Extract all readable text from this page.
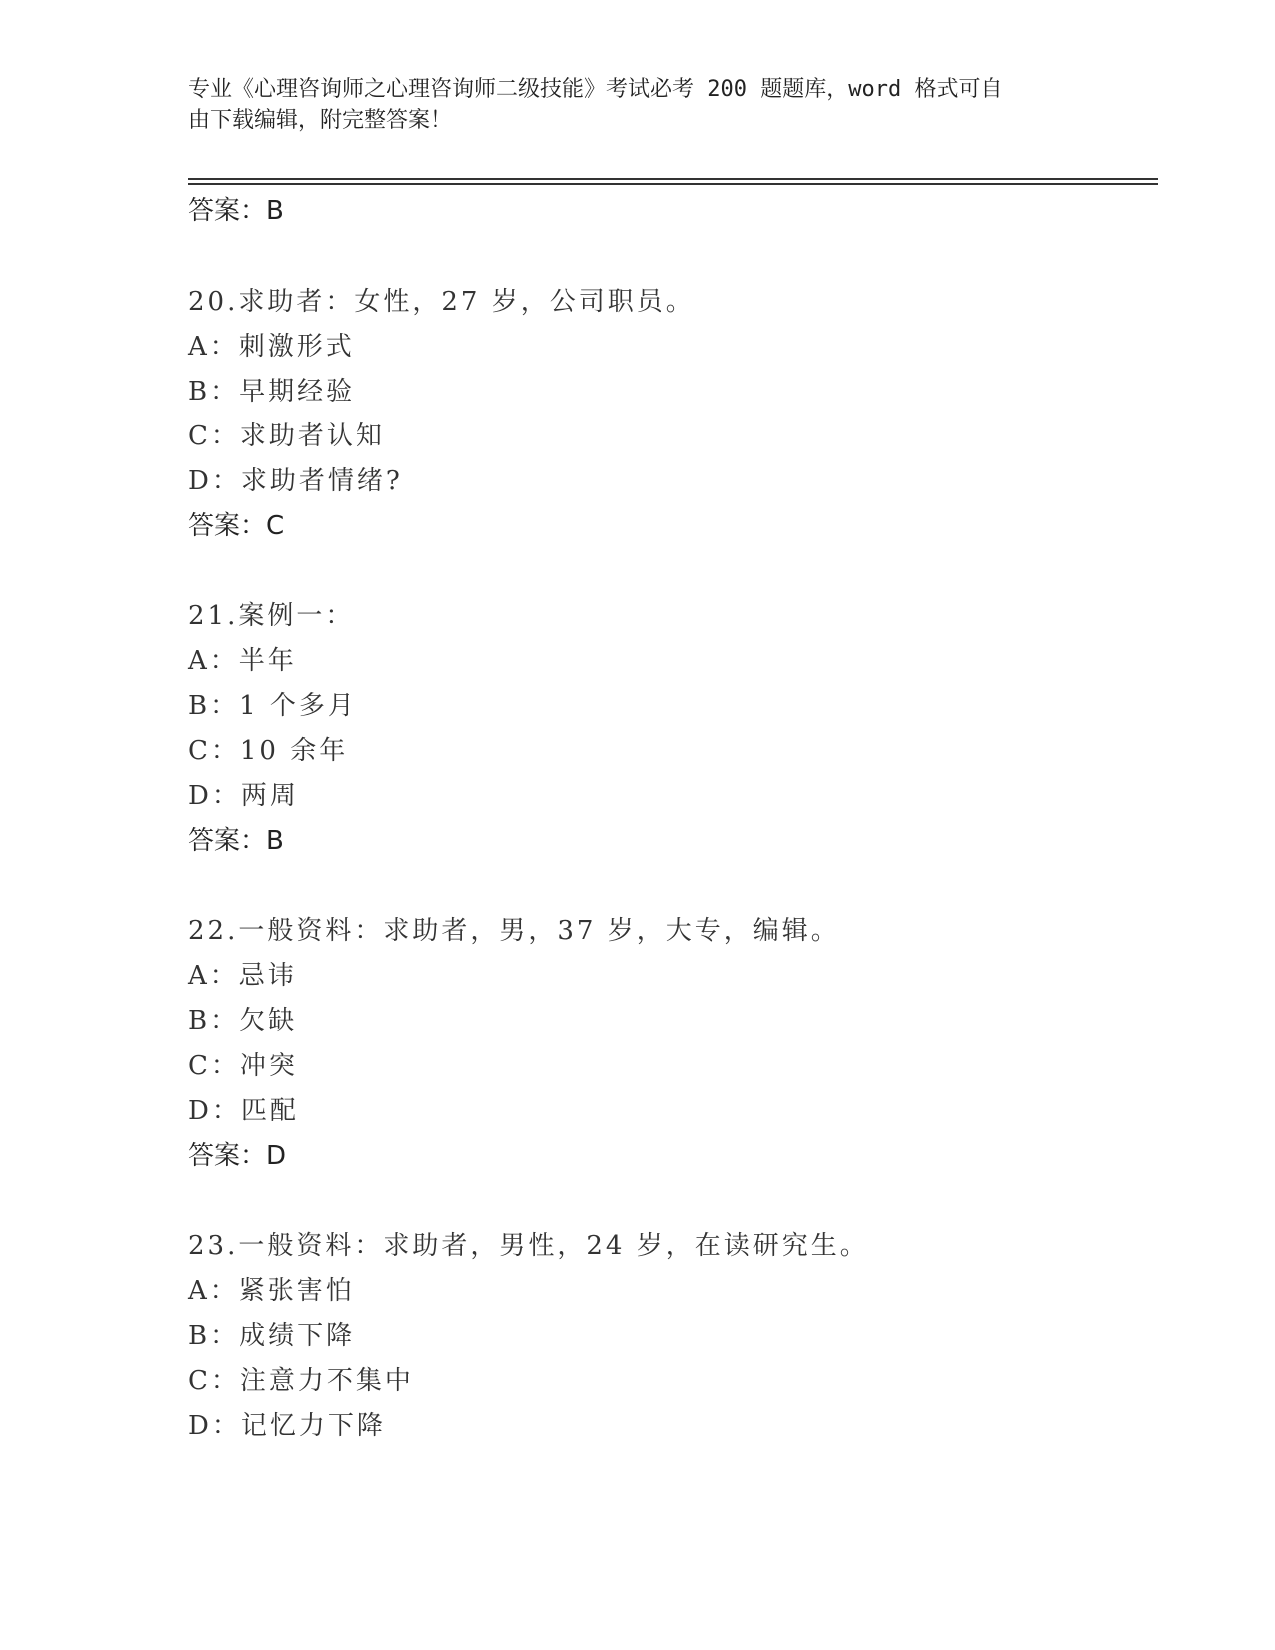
专业《心理咨询师之心理咨询师二级技能》考试必考 200 题题库，word 格式可自
由下载编辑，附完整答案！
答案：B
20.求助者：女性，27 岁，公司职员。
A：刺激形式
B：早期经验
C：求助者认知
D：求助者情绪?
答案：C
21.案例一：
A：半年
B：1 个多月
C：10 余年
D：两周
答案：B
22.一般资料：求助者，男，37 岁，大专，编辑。
A：忌讳
B：欠缺
C：冲突
D：匹配
答案：D
23.一般资料：求助者，男性，24 岁，在读研究生。
A：紧张害怕
B：成绩下降
C：注意力不集中
D：记忆力下降
